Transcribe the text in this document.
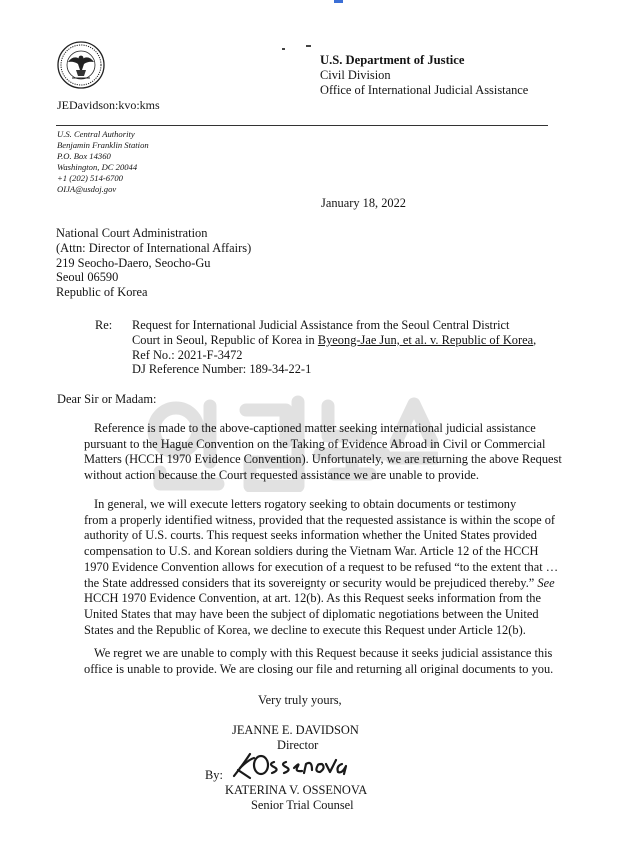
JEDavidson:kvo:kms
U.S. Department of Justice
Civil Division
Office of International Judicial Assistance
U.S. Central Authority
Benjamin Franklin Station
P.O. Box 14360
Washington, DC 20044
+1 (202) 514-6700
OIJA@usdoj.gov
January 18, 2022
National Court Administration
(Attn: Director of International Affairs)
219 Seocho-Daero, Seocho-Gu
Seoul 06590
Republic of Korea
Re: Request for International Judicial Assistance from the Seoul Central District
Court in Seoul, Republic of Korea in Byeong-Jae Jun, et al. v. Republic of Korea,
Ref No.: 2021-F-3472
DJ Reference Number: 189-34-22-1
Dear Sir or Madam:
Reference is made to the above-captioned matter seeking international judicial assistance
pursuant to the Hague Convention on the Taking of Evidence Abroad in Civil or Commercial
Matters (HCCH 1970 Evidence Convention). Unfortunately, we are returning the above Request
without action because the Court requested assistance we are unable to provide.
In general, we will execute letters rogatory seeking to obtain documents or testimony
from a properly identified witness, provided that the requested assistance is within the scope of
authority of U.S. courts. This request seeks information whether the United States provided
compensation to U.S. and Korean soldiers during the Vietnam War. Article 12 of the HCCH
1970 Evidence Convention allows for execution of a request to be refused “to the extent that …
the State addressed considers that its sovereignty or security would be prejudiced thereby.” See
HCCH 1970 Evidence Convention, at art. 12(b). As this Request seeks information from the
United States that may have been the subject of diplomatic negotiations between the United
States and the Republic of Korea, we decline to execute this Request under Article 12(b).
We regret we are unable to comply with this Request because it seeks judicial assistance this
office is unable to provide. We are closing our file and returning all original documents to you.
Very truly yours,
JEANNE E. DAVIDSON
Director
By:
KATERINA V. OSSENOVA
Senior Trial Counsel
